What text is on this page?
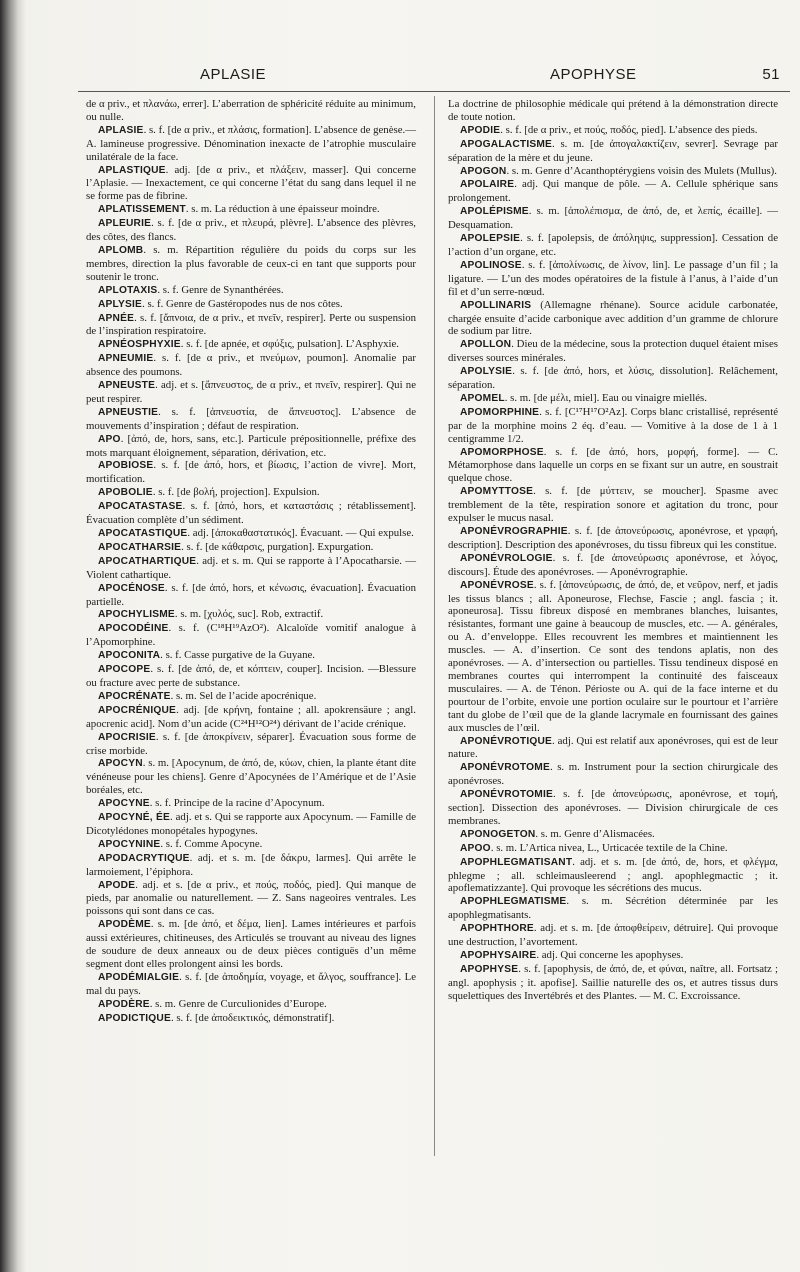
APLASIE	APOPHYSE	51

de α priv., et πλανάω, errer]. L’aberration de sphéricité réduite au minimum, ou nulle.

APLASIE. s. f. [de α priv., et πλάσις, formation]. L’absence de genèse.— A. lamineuse progressive. Dénomination inexacte de l’atrophie musculaire unilatérale de la face.

APLASTIQUE. adj. [de α priv., et πλάξειν, masser]. Qui concerne l’Aplasie. — Inexactement, ce qui concerne l’état du sang dans lequel il ne se forme pas de fibrine.

APLATISSEMENT. s. m. La réduction à une épaisseur moindre.

APLEURIE. s. f. [de α priv., et πλευρά, plèvre]. L’absence des plèvres, des côtes, des flancs.

APLOMB. s. m. Répartition régulière du poids du corps sur les membres, direction la plus favorable de ceux-ci en tant que supports pour soutenir le tronc.

APLOTAXIS. s. f. Genre de Synanthérées.

APLYSIE. s. f. Genre de Gastéropodes nus de nos côtes.

APNÉE. s. f. [ἄπνοια, de α priv., et πνεῖν, respirer]. Perte ou suspension de l’inspiration respiratoire.

APNÉOSPHYXIE. s. f. [de apnée, et σφύξις, pulsation]. L’Asphyxie.

APNEUMIE. s. f. [de α priv., et πνεύμων, poumon]. Anomalie par absence des poumons.

APNEUSTE. adj. et s. [ἄπνευστος, de α priv., et πνεῖν, respirer]. Qui ne peut respirer.

APNEUSTIE. s. f. [ἀπνευστία, de ἄπνευστος]. L’absence de mouvements d’inspiration ; défaut de respiration.

APO. [ἀπό, de, hors, sans, etc.]. Particule prépositionnelle, préfixe des mots marquant éloignement, séparation, dérivation, etc.

APOBIOSE. s. f. [de ἀπό, hors, et βίωσις, l’action de vivre]. Mort, mortification.

APOBOLIE. s. f. [de βολή, projection]. Expulsion.

APOCATASTASE. s. f. [ἀπό, hors, et καταστάσις ; rétablissement]. Évacuation complète d’un sédiment.

APOCATASTIQUE. adj. [ἀποκαθαστατικός]. Évacuant. — Qui expulse.

APOCATHARSIE. s. f. [de κάθαρσις, purgation]. Expurgation.

APOCATHARTIQUE. adj. et s. m. Qui se rapporte à l’Apocatharsie. — Violent cathartique.

APOCÉNOSE. s. f. [de ἀπό, hors, et κένωσις, évacuation]. Évacuation partielle.

APOCHYLISME. s. m. [χυλός, suc]. Rob, extractif.

APOCODÉINE. s. f. (C¹⁸H¹⁹AzO²). Alcaloïde vomitif analogue à l’Apomorphine.

APOCONITA. s. f. Casse purgative de la Guyane.

APOCOPE. s. f. [de ἀπό, de, et κόπτειν, couper]. Incision. —Blessure ou fracture avec perte de substance.

APOCRÉNATE. s. m. Sel de l’acide apocrénique.

APOCRÉNIQUE. adj. [de κρήνη, fontaine ; all. apokrensäure ; angl. apocrenic acid]. Nom d’un acide (C²⁴H¹²O²⁴) dérivant de l’acide crénique.

APOCRISIE. s. f. [de ἀποκρίνειν, séparer]. Évacuation sous forme de crise morbide.

APOCYN. s. m. [Apocynum, de ἀπό, de, κύων, chien, la plante étant dite vénéneuse pour les chiens]. Genre d’Apocynées de l’Amérique et de l’Asie boréales, etc.

APOCYNE. s. f. Principe de la racine d’Apocynum.

APOCYNÉ, ÉE. adj. et s. Qui se rapporte aux Apocynum. — Famille de Dicotylédones monopétales hypogynes.

APOCYNINE. s. f. Comme Apocyne.

APODACRYTIQUE. adj. et s. m. [de δάκρυ, larmes]. Qui arrête le larmoiement, l’épiphora.

APODE. adj. et s. [de α priv., et πούς, ποδός, pied]. Qui manque de pieds, par anomalie ou naturellement. — Z. Sans nageoires ventrales. Les poissons qui sont dans ce cas.

APODÈME. s. m. [de ἀπό, et δέμα, lien]. Lames intérieures et parfois aussi extérieures, chitineuses, des Articulés se trouvant au niveau des lignes de soudure de deux anneaux ou de deux pièces contiguës d’un même segment dont elles prolongent ainsi les bords.

APODÉMIALGIE. s. f. [de ἀποδημία, voyage, et ἄλγος, souffrance]. Le mal du pays.

APODÈRE. s. m. Genre de Curculionides d’Europe.

APODICTIQUE. s. f. [de ἀποδεικτικός, démonstratif].

La doctrine de philosophie médicale qui prétend à la démonstration directe de toute notion.

APODIE. s. f. [de α priv., et πούς, ποδός, pied]. L’absence des pieds.

APOGALACTISME. s. m. [de ἀπογαλακτίζειν, sevrer]. Sevrage par séparation de la mère et du jeune.

APOGON. s. m. Genre d’Acanthoptérygiens voisin des Mulets (Mullus).

APOLAIRE. adj. Qui manque de pôle. — A. Cellule sphérique sans prolongement.

APOLÉPISME. s. m. [ἀπολέπισμα, de ἀπό, de, et λεπίς, écaille]. — Desquamation.

APOLEPSIE. s. f. [apolepsis, de ἀπόληψις, suppression]. Cessation de l’action d’un organe, etc.

APOLINOSE. s. f. [ἀπολίνωσις, de λίνον, lin]. Le passage d’un fil ; la ligature. — L’un des modes opératoires de la fistule à l’anus, à l’aide d’un fil et d’un serre-nœud.

APOLLINARIS (Allemagne rhénane). Source acidule carbonatée, chargée ensuite d’acide carbonique avec addition d’un gramme de chlorure de sodium par litre.

APOLLON. Dieu de la médecine, sous la protection duquel étaient mises diverses sources minérales.

APOLYSIE. s. f. [de ἀπό, hors, et λύσις, dissolution]. Relâchement, séparation.

APOMEL. s. m. [de μέλι, miel]. Eau ou vinaigre miellés.

APOMORPHINE. s. f. [C¹⁷H¹⁷O²Az]. Corps blanc cristallisé, représenté par de la morphine moins 2 éq. d’eau. — Vomitive à la dose de 1 à 1 centigramme 1/2.

APOMORPHOSE. s. f. [de ἀπό, hors, μορφή, forme]. — C. Métamorphose dans laquelle un corps en se fixant sur un autre, en soustrait quelque chose.

APOMYTTOSE. s. f. [de μύττειν, se moucher]. Spasme avec tremblement de la tête, respiration sonore et agitation du tronc, pour expulser le mucus nasal.

APONÉVROGRAPHIE. s. f. [de ἀπονεύρωσις, aponévrose, et γραφή, description]. Description des aponévroses, du tissu fibreux qui les constitue.

APONÉVROLOGIE. s. f. [de ἀπονεύρωσις aponévrose, et λόγος, discours]. Étude des aponévroses. — Aponévrographie.

APONÉVROSE. s. f. [ἀπονεύρωσις, de ἀπό, de, et νεῦρον, nerf, et jadis les tissus blancs ; all. Aponeurose, Flechse, Fascie ; angl. fascia ; it. aponeurosa]. Tissu fibreux disposé en membranes blanches, luisantes, résistantes, formant une gaine à beaucoup de muscles, etc. — A. générales, ou A. d’enveloppe. Elles recouvrent les membres et maintiennent les muscles. — A. d’insertion. Ce sont des tendons aplatis, non des aponévroses. — A. d’intersection ou partielles. Tissu tendineux disposé en membranes courtes qui interrompent la continuité des faisceaux musculaires. — A. de Ténon. Périoste ou A. qui de la face interne et du pourtour de l’orbite, envoie une portion oculaire sur le pourtour et l’arrière tant du globe de l’œil que de la glande lacrymale en fournissant des gaines aux muscles de l’œil.

APONÉVROTIQUE. adj. Qui est relatif aux aponévroses, qui est de leur nature.

APONÉVROTOME. s. m. Instrument pour la section chirurgicale des aponévroses.

APONÉVROTOMIE. s. f. [de ἀπονεύρωσις, aponévrose, et τομή, section]. Dissection des aponévroses. — Division chirurgicale de ces membranes.

APONOGETON. s. m. Genre d’Alismacées.

APOO. s. m. L’Artica nivea, L., Urticacée textile de la Chine.

APOPHLEGMATISANT. adj. et s. m. [de ἀπό, de, hors, et φλέγμα, phlegme ; all. schleimausleerend ; angl. apophlegmactic ; it. apoflematizzante]. Qui provoque les sécrétions des mucus.

APOPHLEGMATISME. s. m. Sécrétion déterminée par les apophlegmatisants.

APOPHTHORE. adj. et s. m. [de ἀποφθείρειν, détruire]. Qui provoque une destruction, l’avortement.

APOPHYSAIRE. adj. Qui concerne les apophyses.

APOPHYSE. s. f. [apophysis, de ἀπό, de, et φύναι, naître, all. Fortsatz ; angl. apophysis ; it. apofise]. Saillie naturelle des os, et autres tissus durs squelettiques des Invertébrés et des Plantes. — M. C. Excroissance.
